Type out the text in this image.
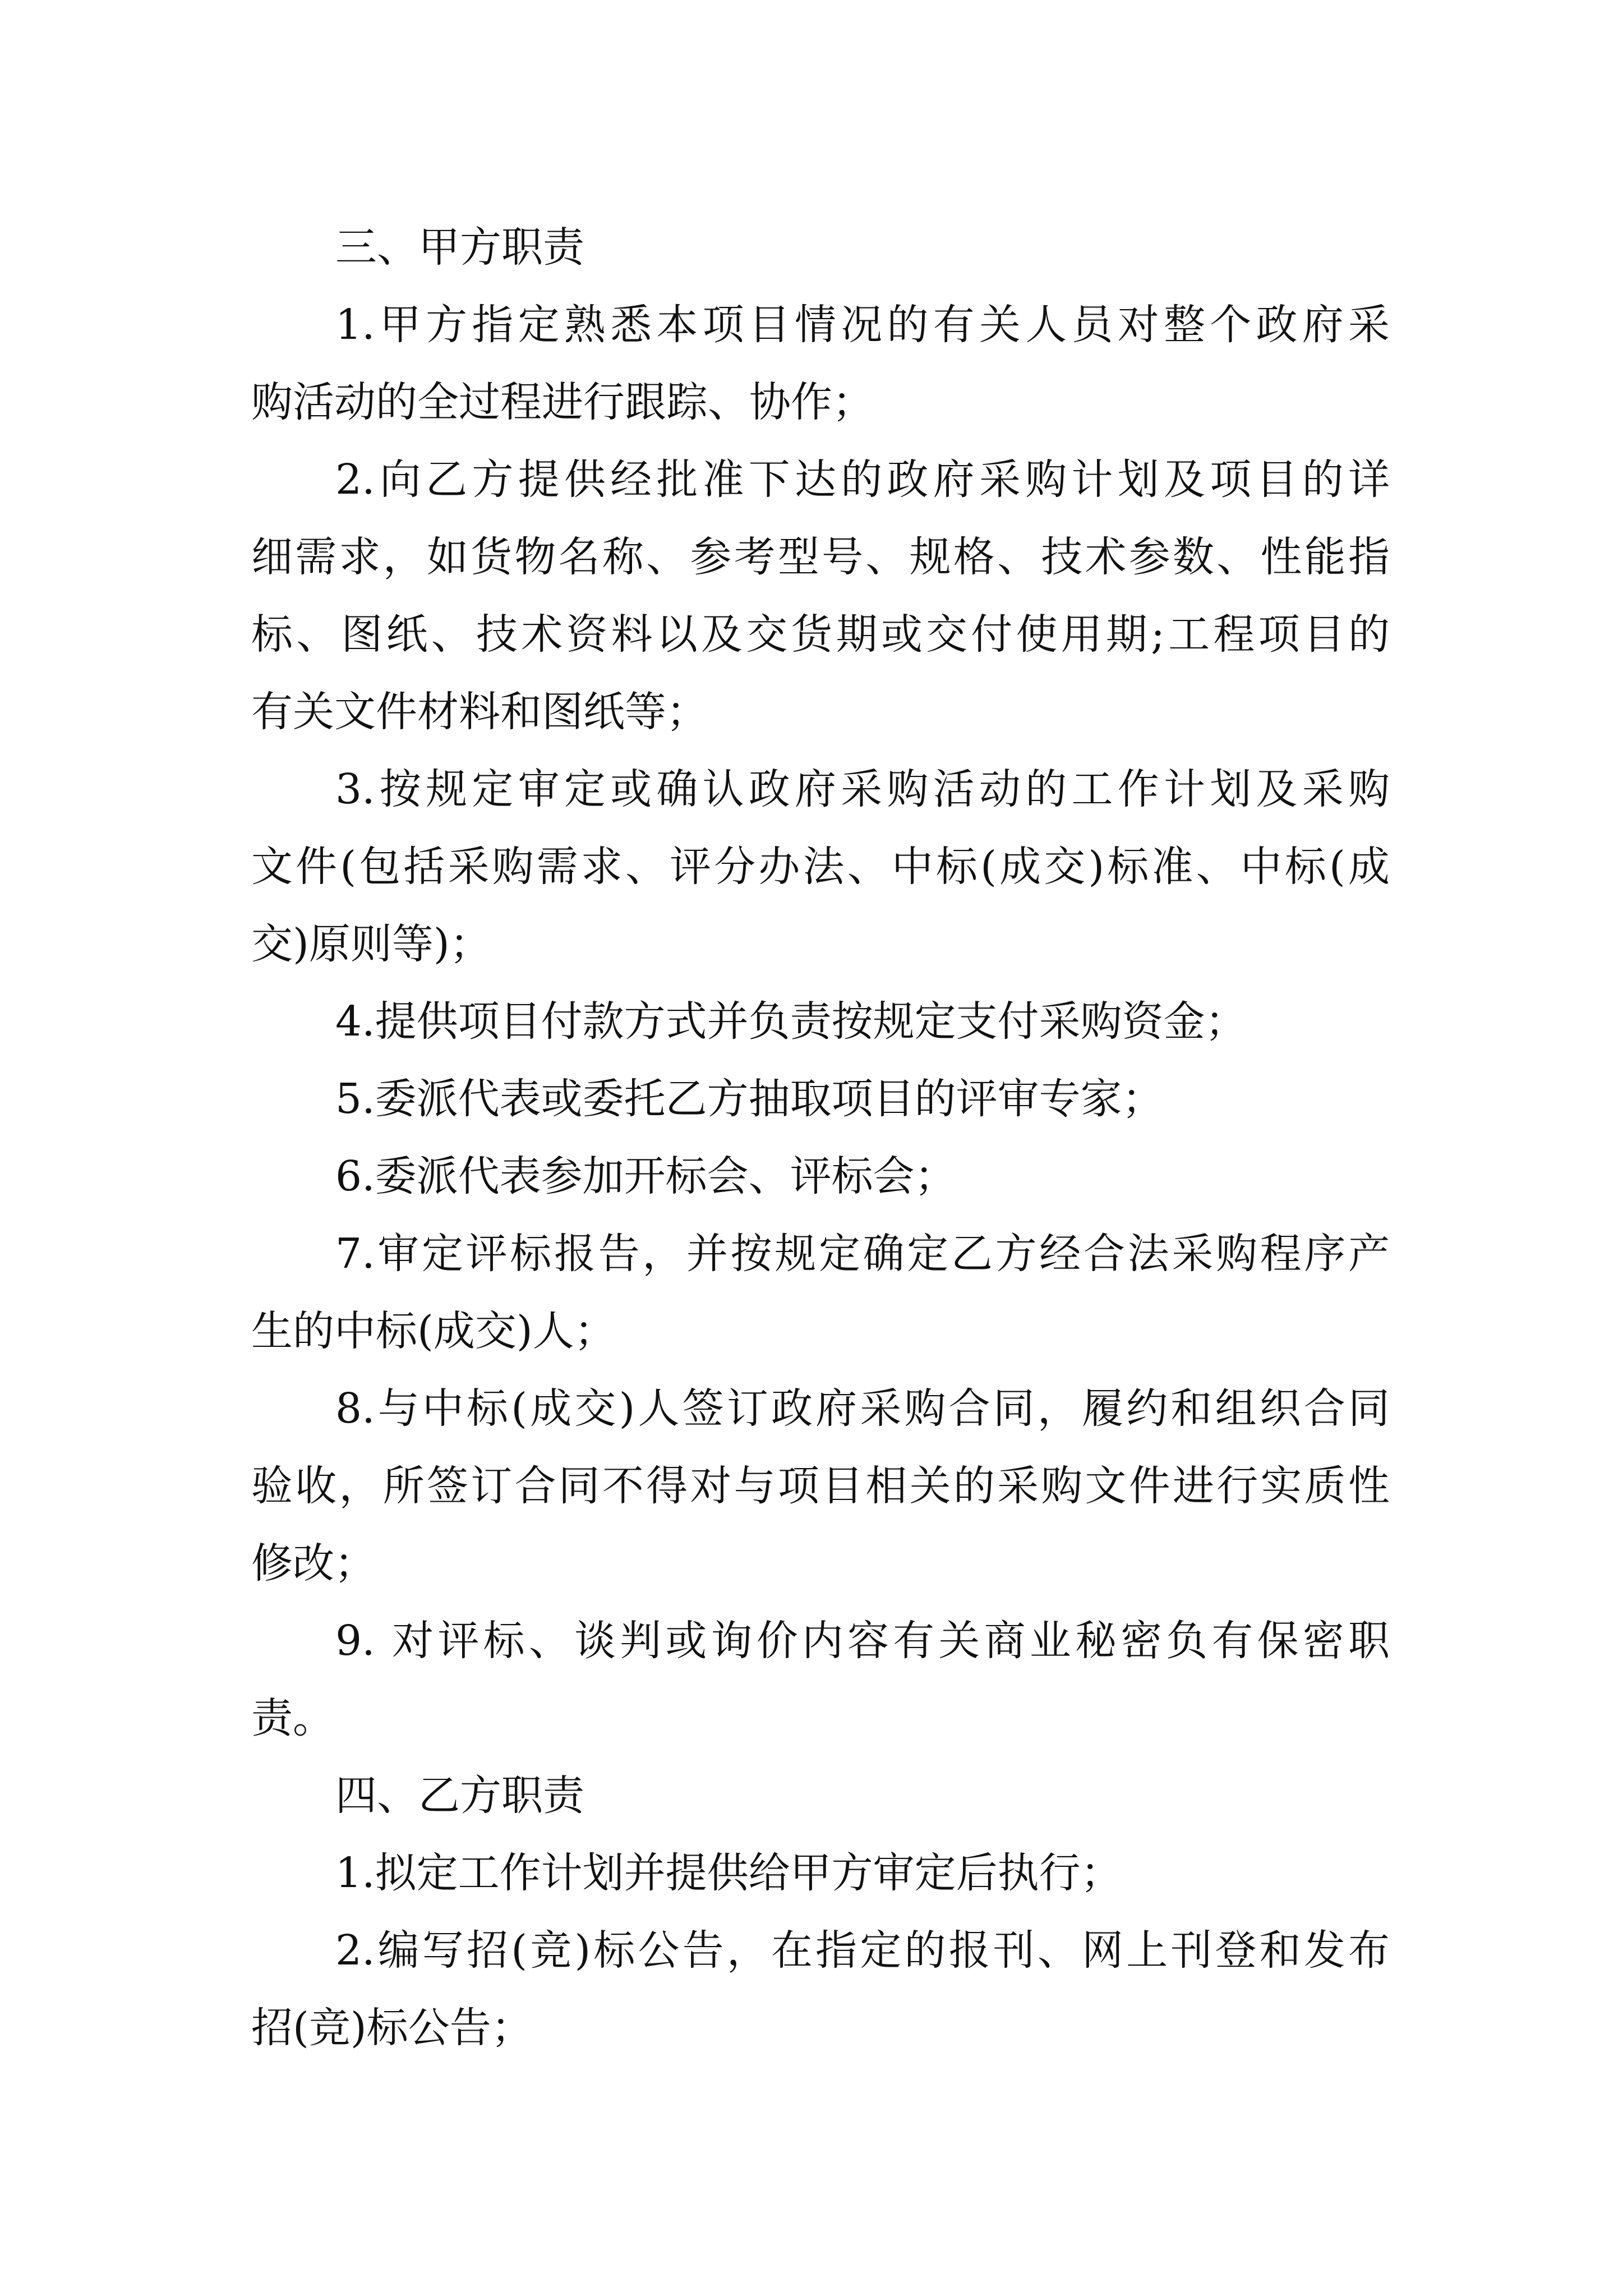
三、甲方职责
1.甲方指定熟悉本项目情况的有关人员对整个政府采
购活动的全过程进行跟踪、协作；
2.向乙方提供经批准下达的政府采购计划及项目的详
细需求，如货物名称、参考型号、规格、技术参数、性能指
标、图纸、技术资料以及交货期或交付使用期;工程项目的
有关文件材料和图纸等；
3.按规定审定或确认政府采购活动的工作计划及采购
文件(包括采购需求、评分办法、中标(成交)标准、中标(成
交)原则等)；
4.提供项目付款方式并负责按规定支付采购资金；
5.委派代表或委托乙方抽取项目的评审专家；
6.委派代表参加开标会、评标会；
7.审定评标报告，并按规定确定乙方经合法采购程序产
生的中标(成交)人；
8.与中标(成交)人签订政府采购合同，履约和组织合同
验收，所签订合同不得对与项目相关的采购文件进行实质性
修改；
9. 对评标、谈判或询价内容有关商业秘密负有保密职
责。
四、乙方职责
1.拟定工作计划并提供给甲方审定后执行；
2.编写招(竞)标公告，在指定的报刊、网上刊登和发布
招(竞)标公告；
